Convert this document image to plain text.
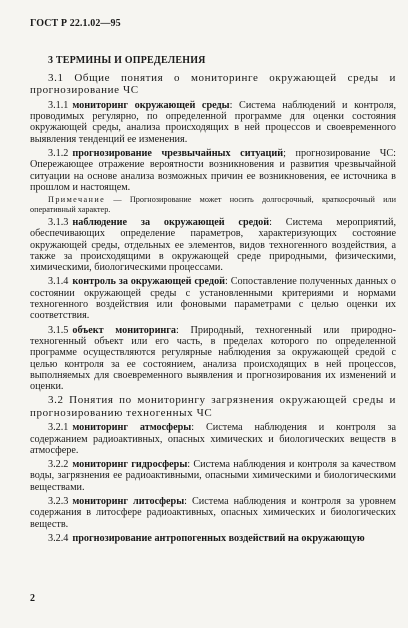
ГОСТ Р 22.1.02—95
3 ТЕРМИНЫ И ОПРЕДЕЛЕНИЯ

3.1 Общие понятия о мониторинге окружающей среды и прогнозирование ЧС

3.1.1 мониторинг окружающей среды: Система наблюдений и контроля, проводимых регулярно, по определенной программе для оценки состояния окружающей среды, анализа происходящих в ней процессов и своевременного выявления тенденций ее изменения.

3.1.2 прогнозирование чрезвычайных ситуаций; прогнозирование ЧС: Опережающее отражение вероятности возникновения и развития чрезвычайной ситуации на основе анализа возможных причин ее возникновения, ее источника в прошлом и настоящем.

Примечание — Прогнозирование может носить долгосрочный, краткосрочный или оперативный характер.

3.1.3 наблюдение за окружающей средой: Система мероприятий, обеспечивающих определение параметров, характеризующих состояние окружающей среды, отдельных ее элементов, видов техногенного воздействия, а также за происходящими в окружающей среде природными, физическими, химическими, биологическими процессами.

3.1.4 контроль за окружающей средой: Сопоставление полученных данных о состоянии окружающей среды с установленными критериями и нормами техногенного воздействия или фоновыми параметрами с целью оценки их соответствия.

3.1.5 объект мониторинга: Природный, техногенный или природно-техногенный объект или его часть, в пределах которого по определенной программе осуществляются регулярные наблюдения за окружающей средой с целью контроля за ее состоянием, анализа происходящих в ней процессов, выполняемых для своевременного выявления и прогнозирования их изменений и оценки.

3.2 Понятия по мониторингу загрязнения окружающей среды и прогнозированию техногенных ЧС

3.2.1 мониторинг атмосферы: Система наблюдения и контроля за содержанием радиоактивных, опасных химических и биологических веществ в атмосфере.

3.2.2 мониторинг гидросферы: Система наблюдения и контроля за качеством воды, загрязнения ее радиоактивными, опасными химическими и биологическими веществами.

3.2.3 мониторинг литосферы: Система наблюдения и контроля за уровнем содержания в литосфере радиоактивных, опасных химических и биологических веществ.

3.2.4 прогнозирование антропогенных воздействий на окружающую

2
